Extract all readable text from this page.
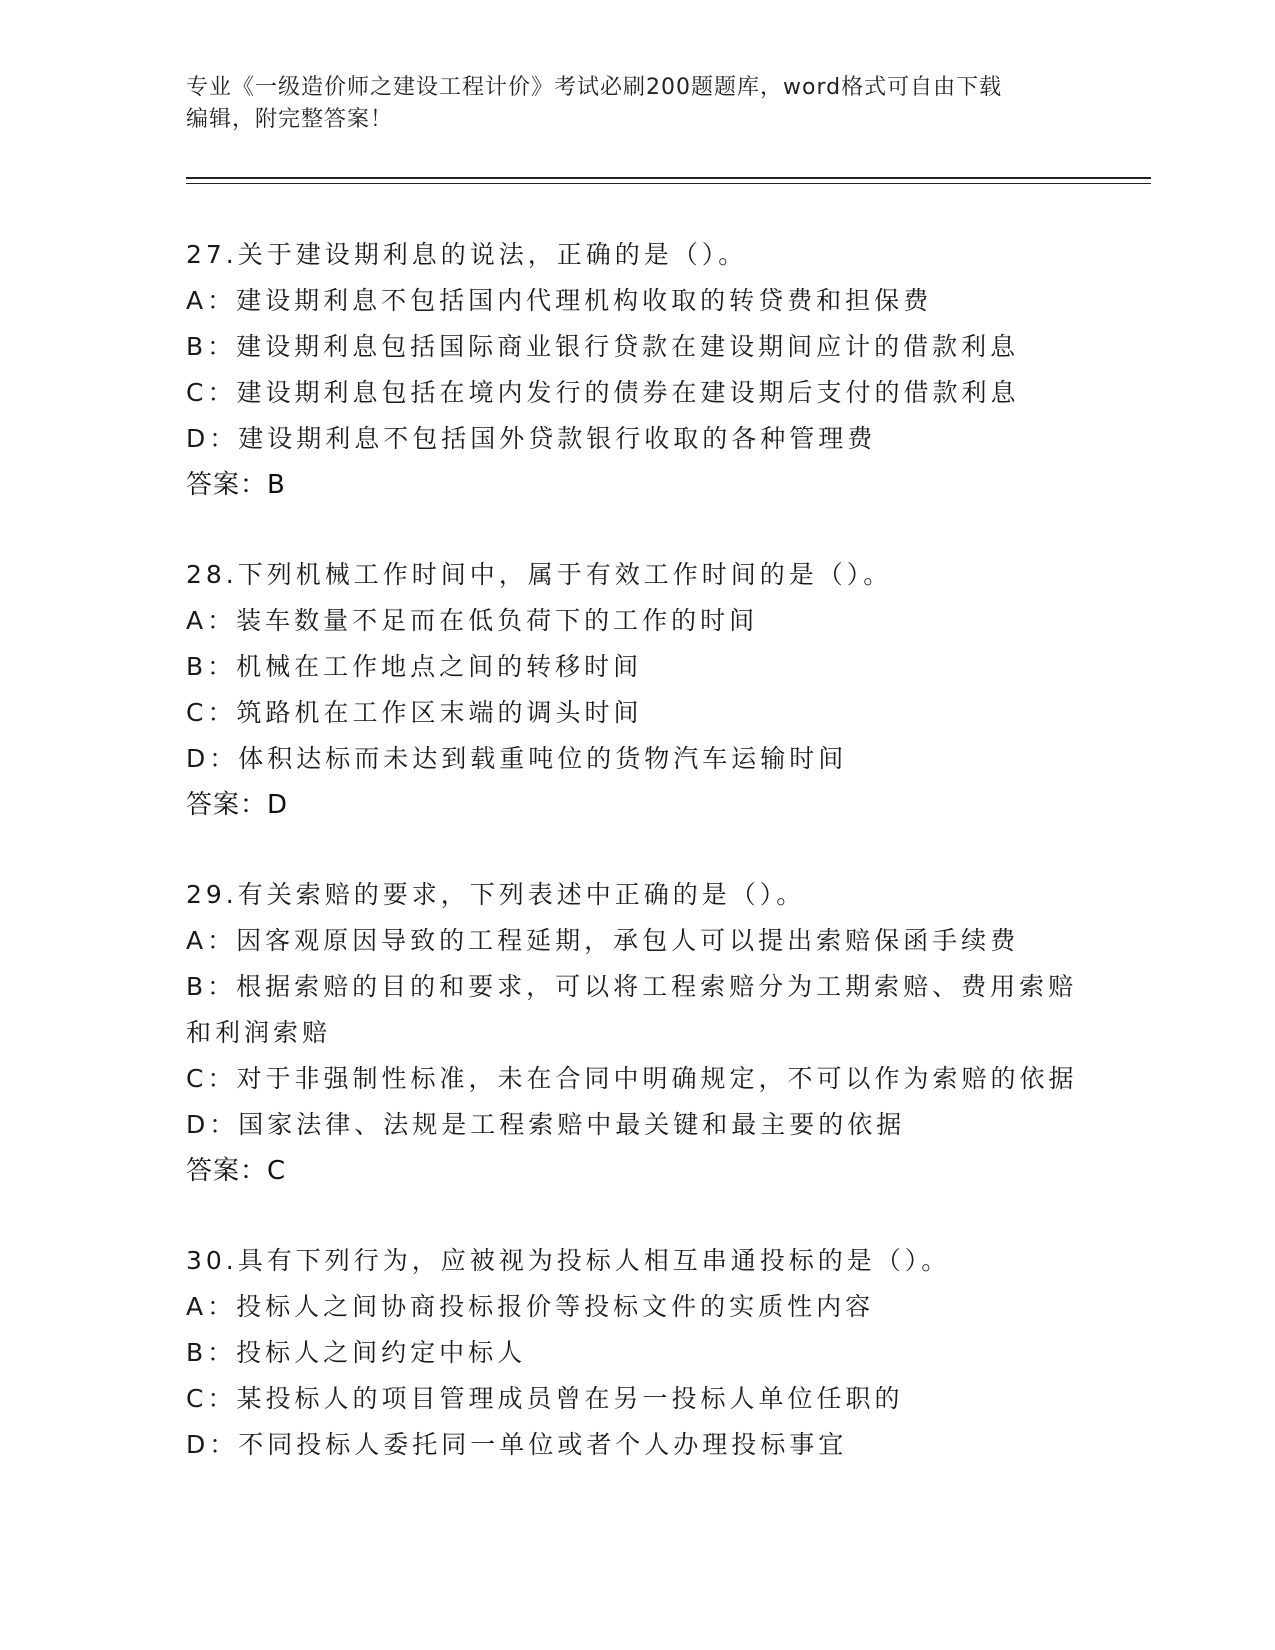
专业《一级造价师之建设工程计价》考试必刷200题题库，word格式可自由下载
编辑，附完整答案！
27.关于建设期利息的说法，正确的是（）。
A：建设期利息不包括国内代理机构收取的转贷费和担保费
B：建设期利息包括国际商业银行贷款在建设期间应计的借款利息
C：建设期利息包括在境内发行的债券在建设期后支付的借款利息
D：建设期利息不包括国外贷款银行收取的各种管理费
答案：B
28.下列机械工作时间中，属于有效工作时间的是（）。
A：装车数量不足而在低负荷下的工作的时间
B：机械在工作地点之间的转移时间
C：筑路机在工作区末端的调头时间
D：体积达标而未达到载重吨位的货物汽车运输时间
答案：D
29.有关索赔的要求，下列表述中正确的是（）。
A：因客观原因导致的工程延期，承包人可以提出索赔保函手续费
B：根据索赔的目的和要求，可以将工程索赔分为工期索赔、费用索赔和利润索赔
C：对于非强制性标准，未在合同中明确规定，不可以作为索赔的依据
D：国家法律、法规是工程索赔中最关键和最主要的依据
答案：C
30.具有下列行为，应被视为投标人相互串通投标的是（）。
A：投标人之间协商投标报价等投标文件的实质性内容
B：投标人之间约定中标人
C：某投标人的项目管理成员曾在另一投标人单位任职的
D：不同投标人委托同一单位或者个人办理投标事宜
